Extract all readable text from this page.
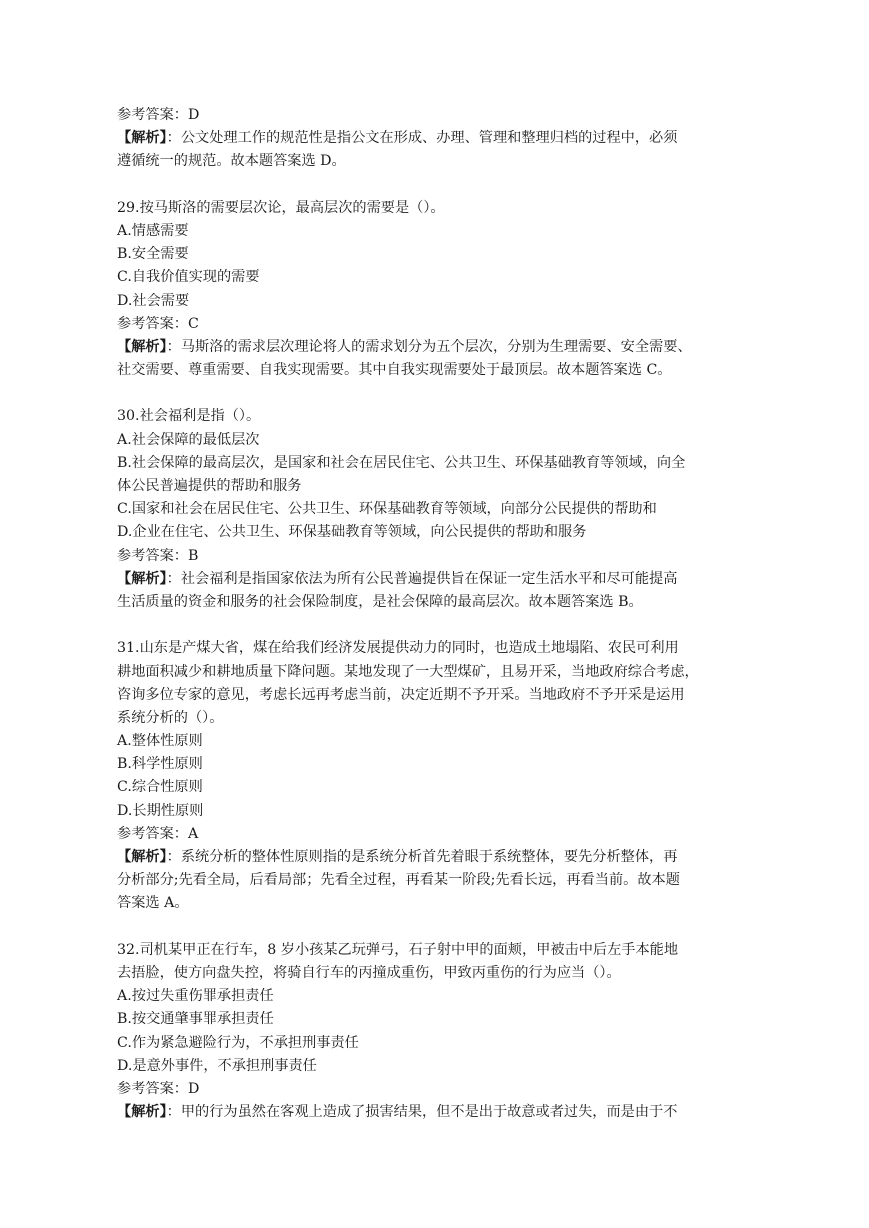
参考答案：D
【解析】：公文处理工作的规范性是指公文在形成、办理、管理和整理归档的过程中，必须
遵循统一的规范。故本题答案选 D。
29.按马斯洛的需要层次论，最高层次的需要是（）。
A.情感需要
B.安全需要
C.自我价值实现的需要
D.社会需要
参考答案：C
【解析】：马斯洛的需求层次理论将人的需求划分为五个层次，分别为生理需要、安全需要、
社交需要、尊重需要、自我实现需要。其中自我实现需要处于最顶层。故本题答案选 C。
30.社会福利是指（）。
A.社会保障的最低层次
B.社会保障的最高层次，是国家和社会在居民住宅、公共卫生、环保基础教育等领域，向全
体公民普遍提供的帮助和服务
C.国家和社会在居民住宅、公共卫生、环保基础教育等领域，向部分公民提供的帮助和
D.企业在住宅、公共卫生、环保基础教育等领域，向公民提供的帮助和服务
参考答案：B
【解析】：社会福利是指国家依法为所有公民普遍提供旨在保证一定生活水平和尽可能提高
生活质量的资金和服务的社会保险制度，是社会保障的最高层次。故本题答案选 B。
31.山东是产煤大省，煤在给我们经济发展提供动力的同时，也造成土地塌陷、农民可利用
耕地面积减少和耕地质量下降问题。某地发现了一大型煤矿，且易开采，当地政府综合考虑，
咨询多位专家的意见，考虑长远再考虑当前，决定近期不予开采。当地政府不予开采是运用
系统分析的（）。
A.整体性原则
B.科学性原则
C.综合性原则
D.长期性原则
参考答案：A
【解析】：系统分析的整体性原则指的是系统分析首先着眼于系统整体，要先分析整体，再
分析部分;先看全局，后看局部；先看全过程，再看某一阶段;先看长远，再看当前。故本题
答案选 A。
32.司机某甲正在行车，8 岁小孩某乙玩弹弓，石子射中甲的面颊，甲被击中后左手本能地
去捂脸，使方向盘失控，将骑自行车的丙撞成重伤，甲致丙重伤的行为应当（）。
A.按过失重伤罪承担责任
B.按交通肇事罪承担责任
C.作为紧急避险行为，不承担刑事责任
D.是意外事件，不承担刑事责任
参考答案：D
【解析】：甲的行为虽然在客观上造成了损害结果，但不是出于故意或者过失，而是由于不
